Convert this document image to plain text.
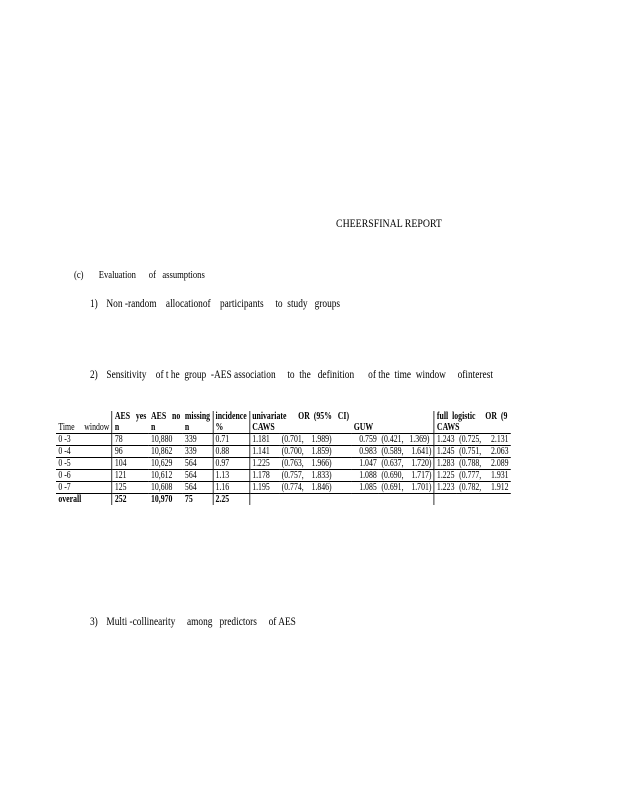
CHEERSFINAL REPORT
(c) Evaluation      of   assumptions
1) Non -random    allocationof    participants     to  study   groups
2) Sensitivity    of t he  group  -AES association     to  the   definition      of the  time  window     ofinterest
	AES   yes	AES   no	missing	incidence	univariate      OR  (95%   CI)				full  logistic     OR  (9	
Time     window	n	n	n	%	CAWS		GUW		CAWS	
0 -3	78	10,880	339	0.71	1.181	(0.701,    1.989)	0.759	(0.421,   1.369)	1.243	(0.725,     2.131
0 -4	96	10,862	339	0.88	1.141	(0.700,    1.859)	0.983	(0.589,    1.641)	1.245	(0.751,     2.063
0 -5	104	10,629	564	0.97	1.225	(0.763,    1.966)	1.047	(0.637,    1.720)	1.283	(0.788,     2.089
0 -6	121	10,612	564	1.13	1.178	(0.757,    1.833)	1.088	(0.690,    1.717)	1.225	(0.777,     1.931
0 -7	125	10,608	564	1.16	1.195	(0.774,    1.846)	1.085	(0.691,    1.701)	1.223	(0.782,     1.912
overall	252	10,970	75	2.25						
3) Multi -collinearity     among   predictors     of AES
